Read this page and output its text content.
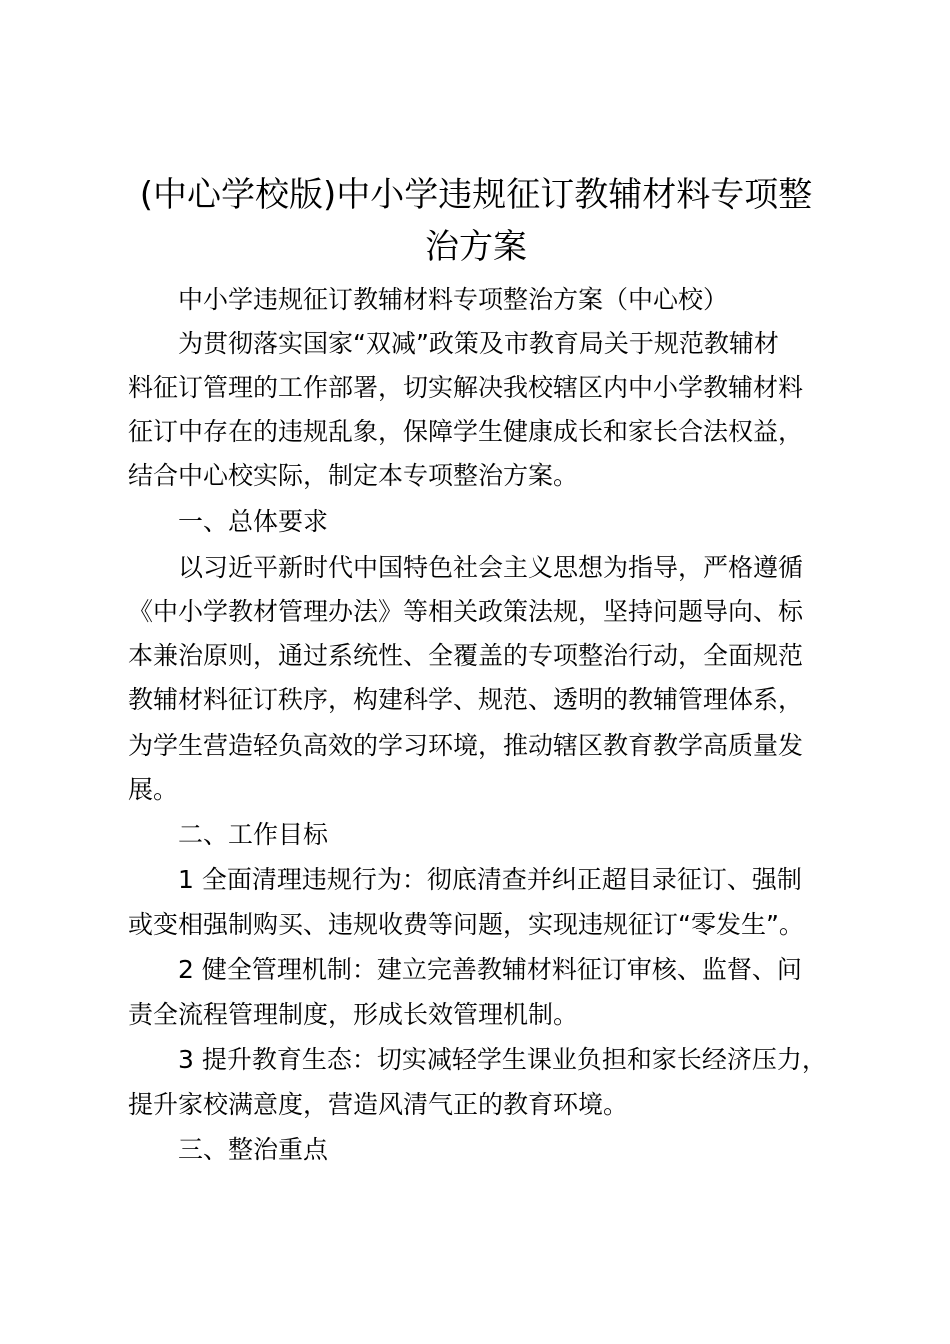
(中心学校版)中小学违规征订教辅材料专项整
治方案

中小学违规征订教辅材料专项整治方案（中心校）

为贯彻落实国家“双减”政策及市教育局关于规范教辅材

料征订管理的工作部署，切实解决我校辖区内中小学教辅材料

征订中存在的违规乱象，保障学生健康成长和家长合法权益，

结合中心校实际，制定本专项整治方案。

一、总体要求

以习近平新时代中国特色社会主义思想为指导，严格遵循

《中小学教材管理办法》等相关政策法规，坚持问题导向、标

本兼治原则，通过系统性、全覆盖的专项整治行动，全面规范

教辅材料征订秩序，构建科学、规范、透明的教辅管理体系，

为学生营造轻负高效的学习环境，推动辖区教育教学高质量发

展。

二、工作目标

1 全面清理违规行为：彻底清查并纠正超目录征订、强制

或变相强制购买、违规收费等问题，实现违规征订“零发生”。

2 健全管理机制：建立完善教辅材料征订审核、监督、问

责全流程管理制度，形成长效管理机制。

3 提升教育生态：切实减轻学生课业负担和家长经济压力，

提升家校满意度，营造风清气正的教育环境。

三、整治重点
